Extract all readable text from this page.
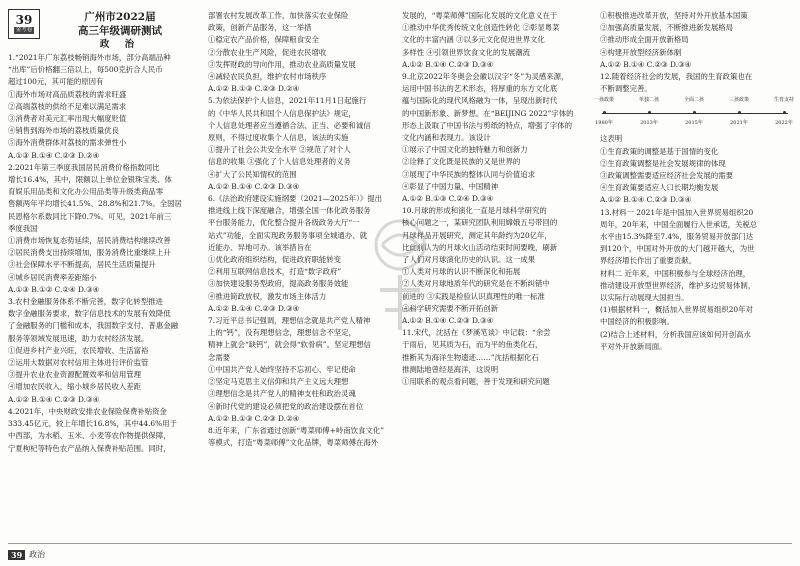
39
金考卷
广州市2022届
高三年级调研测试
政 治

1.“2021年广东荔枝畅销海外市场，部分高端品种

“出库”后价格翻三倍以上，每500克折合人民币

超过100元，其可能的原因有

①海外市场对高品质荔枝的需求旺盛

②高端荔枝的供给不足难以满足需求

③消费者对美元汇率出现大幅度贬值

④销售到海外市场的荔枝质量优良

⑤海外消费群体对荔枝的需求弹性小

A.①③ B.①④ C.②③ D.②④

2.2021年第三季度我国居民消费价格指数同比

增长16.4%，其中，限额以上单位金银珠宝类、体

育娱乐用品类和文化办公用品类等升级类商品零

售额两年平均增长41.5%、28.8%和21.7%。全国居

民恩格尔系数同比下降0.7%。可见，2021年前三

季度我国

①消费市场恢复态势延续，居民消费结构继续改善

②居民消费支出持续增加，服务消费比重继续上升

③社会保障水平不断提高，居民生活质量提升

④城乡居民消费率差距缩小

A.①③ B.①② C.②④ D.③④

3.农村金融服务体系不断完善，数字化转型推进

数字金融服务要求，数字信息技术的发展有效降低

了金融服务的门槛和成本，我国数字支付、普惠金融

服务等领域发展迅速，助力农村经济发展。

①促进乡村产业兴旺，农民增收、生活富裕

②运用大数据对农村信用主体进行评价监管

③提升农业农业资源配置效率和信用管理

④增加农民收入，缩小城乡居民收入差距

A.①② B.①④ C.②③ D.③④

4.2021年，中央财政安排农业保险保费补贴资金

333.45亿元，较上年增长16.8%，其中44.6%用于

中西部，为水稻、玉米、小麦等农作物提供保障，

宁夏枸杞等特色农产品纳入保费补贴范围。同时，

部署农村发展改革工作，加快落实农业保险

政策，创新产品服务，这一举措

①稳定农产品价格，保障粮食安全

②分散农业生产风险，促进农民增收

③发挥财政的导向作用，推动农业高质量发展

④减轻农民负担，维护农村市场秩序

A.①② B.①③ C.②③ D.②④

5.为依法保护个人信息，2021年11月1日起施行

的《中华人民共和国个人信息保护法》规定，

个人信息处理者应当遵循合法、正当、必要和诚信

原则，不得过度收集个人信息，该法的实施

①提升了社会公共安全水平 ②规范了对个人

信息的收集 ③强化了个人信息处理者的义务

④扩大了公民知情权的范围

A.①② B.①④ C.②③ D.③④

6.《法治政府建设实施纲要（2021—2025年）》提出

推进线上线下深度融合，增强全国一体化政务服务

平台服务能力，优化整合提升各级政务大厅“一

站式”功能，全面实现政务服务事项全城通办、就

近能办、异地可办。该举措旨在

①优化政府组织结构，促进政府职能转变

②利用互联网信息技术，打造“数字政府”

③加快建设服务型政府，提高政务服务效能

④推进简政放权，激发市场主体活力

A.①② B.①④ C.②③ D.③④

7.习近平总书记强调，理想信念就是共产党人精神

上的“钙”，没有理想信念，理想信念不坚定，

精神上就会“缺钙”，就会得“软骨病”。坚定理想信

念需要

①中国共产党人始终坚持不忘初心、牢记使命

②坚定马克思主义信仰和共产主义远大理想

③理想信念是共产党人的精神支柱和政治灵魂

④新时代党的建设必须把党的政治建设摆在首位

A.①② B.①③ C.②③ D.②④

8.近年来，广东省通过创新“粤菜师傅+岭南饮食文化”

等模式，打造“粤菜师傅”文化品牌，粤菜师傅在海外

发展的，“粤菜师傅”国际化发展的文化意义在于

①推动中华优秀传统文化创造性转化 ②彰显粤菜

文化的丰富内涵 ③以多元文化促进世界文化

多样性 ④引领世界饮食文化的发展潮流

A.①② B.①④ C.②③ D.③④

9.北京2022年冬奥会会徽以汉字“冬”为灵感来源，

运用中国书法的艺术形态，将厚重的东方文化底

蕴与国际化的现代风格融为一体，呈现出新时代

的中国新形象、新梦想。在“BEIJING 2022”字体的

形态上汲取了中国书法与剪纸的特点，增强了字体的

文化内涵和表现力。该设计

①展示了中国文化的独特魅力和创新力

②诠释了文化既是民族的又是世界的

③展现了中华民族的整体认同与价值追求

④彰显了中国力量、中国精神

A.①② B.①③ C.②④ D.③④

10.月球的形成和演化一直是月球科学研究的

核心问题之一，某研究团队利用嫦娥五号带回的

月球样品开展研究，测定其年龄约为20亿年，

比此前认为的月球火山活动结束时间要晚，刷新

了人们对月球演化历史的认识。这一成果

①人类对月球的认识不断深化和拓展

②人类对月球地质年代的研究是在不断纠错中

前进的 ③实践是检验认识真理性的唯一标准

④科学研究需要不断开拓创新

A.①② B.①④ C.②③ D.③④

11.宋代，沈括在《梦溪笔谈》中记载：“余尝

于雨后，见其质为石，而为平的鱼类化石，

推断其为海洋生物遗迹……”沈括根据化石

推测陆地曾经是海洋，这说明

①用联系的观点看问题，善于发现和研究问题

①积极推进改革开放，坚持对外开放基本国策

②加强高质量发展，不断推进新发展格局

③推动形成全面开放新格局

④构建开放型经济新体制

A.①② B.①④ C.②③ D.③④

12.随着经济社会的发展，我国的生育政策也在

不断调整完善。

一孩政策
1980年
单独二孩
2013年
全面二孩
2015年
三孩政策
2021年
生育支持
2022年

这表明

①生育政策的调整是基于国情的变化

②生育政策调整是社会发展规律的体现

③政策调整需要适应经济社会发展的需要

④生育政策要适应人口长期均衡发展

A.①② B.①④ C.②③ D.③④

13.材料一 2021年是中国加入世界贸易组织20

周年，20年来，中国全面履行入世承诺，关税总

水平由15.3%降至7.4%，服务贸易开放部门达

到120个，中国对外开放的大门越开越大，为世

界经济增长作出了重要贡献。

材料二 近年来，中国积极参与全球经济治理，

推动建设开放型世界经济，维护多边贸易体制，

以实际行动展现大国担当。

(1)根据材料一，概括加入世界贸易组织20年对

中国经济的积极影响。

(2)结合上述材料，分析我国应该如何开创高水

平对外开放新局面。

39 政治
